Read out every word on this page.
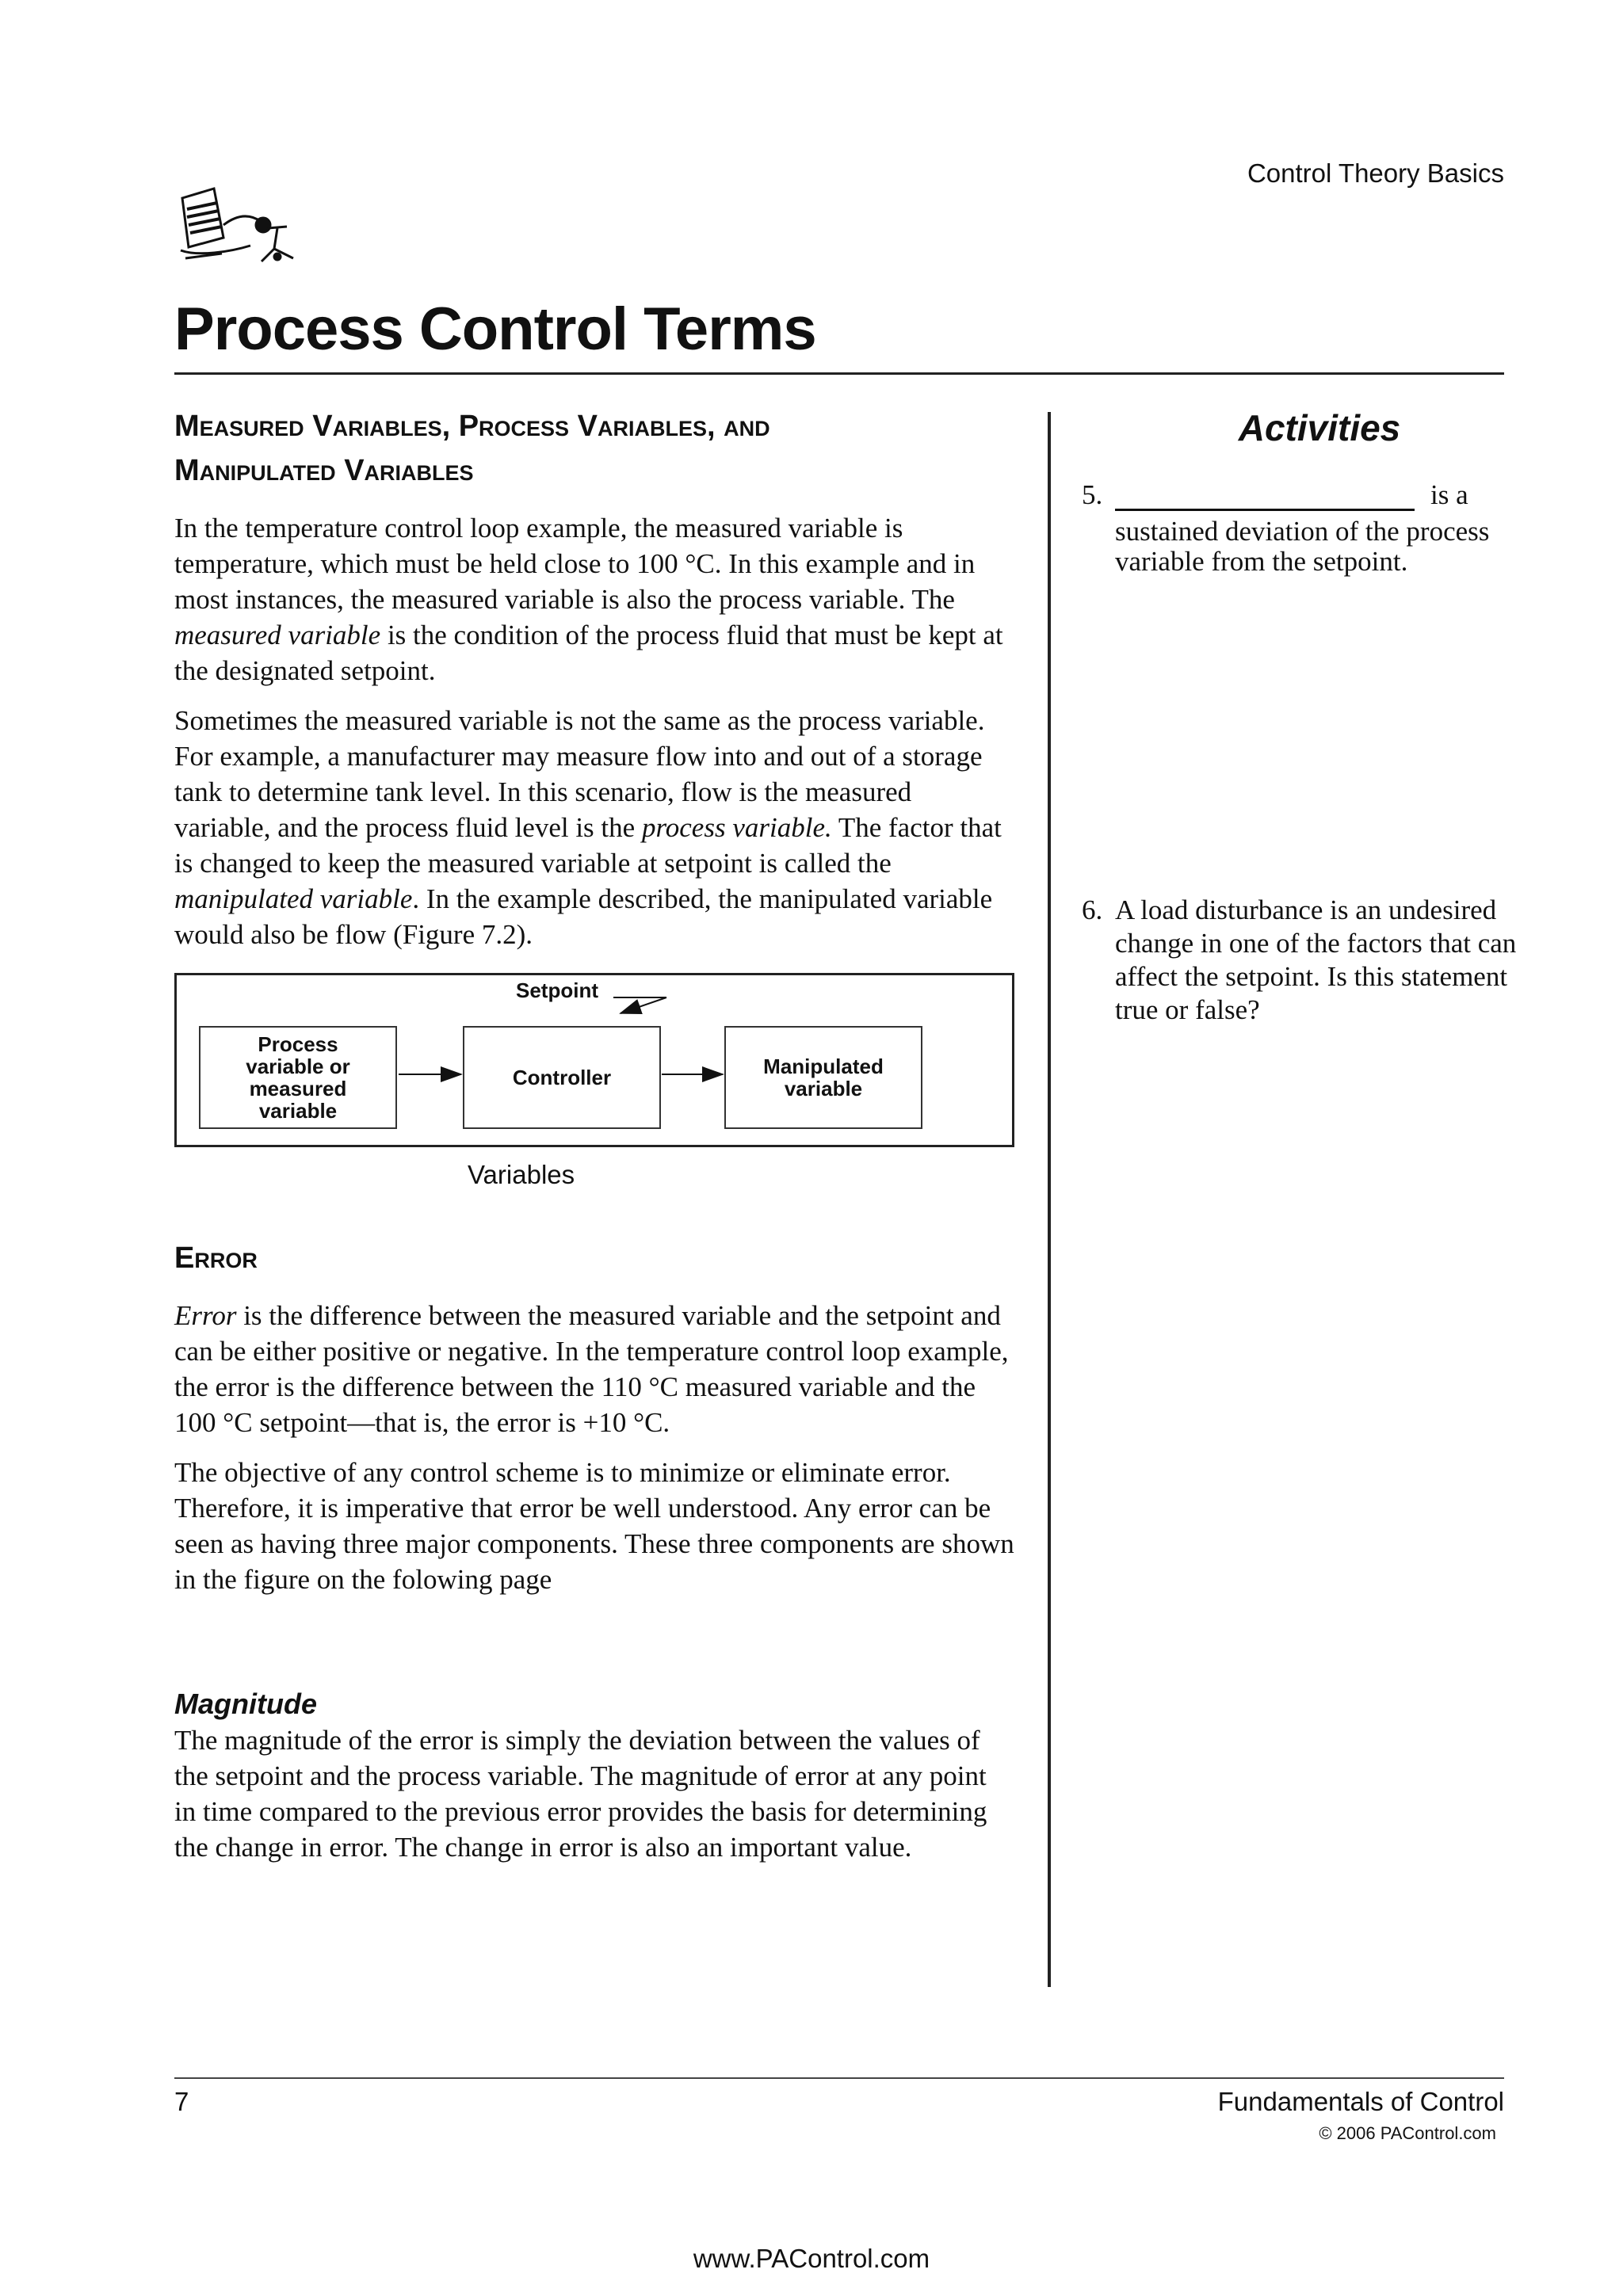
Control Theory Basics
Process Control Terms
Measured Variables, Process Variables, and
Manipulated Variables

In the temperature control loop example, the measured variable is temperature, which must be held close to 100 °C. In this example and in most instances, the measured variable is also the process variable. The measured variable is the condition of the process fluid that must be kept at the designated setpoint.

Sometimes the measured variable is not the same as the process variable. For example, a manufacturer may measure flow into and out of a storage tank to determine tank level. In this scenario, flow is the measured variable, and the process fluid level is the process variable. The factor that is changed to keep the measured variable at setpoint is called the manipulated variable. In the example described, the manipulated variable would also be flow (Figure 7.2).

Setpoint
Process
variable or
measured
variable
Controller	Manipulated
variable
Variables
Error

Error is the difference between the measured variable and the setpoint and can be either positive or negative. In the temperature control loop example, the error is the difference between the 110 °C measured variable and the 100 °C setpoint—that is, the error is +10 °C.

The objective of any control scheme is to minimize or eliminate error. Therefore, it is imperative that error be well understood. Any error can be seen as having three major components. These three components are shown in the figure on the folowing page

Magnitude

The magnitude of the error is simply the deviation between the values of the setpoint and the process variable. The magnitude of error at any point in time compared to the previous error provides the basis for determining the change in error. The change in error is also an important value.

Activities
5.	is a
sustained deviation of the process variable from the setpoint.
6. A load disturbance is an undesired change in one of the factors that can affect the setpoint. Is this statement true or false?
7	Fundamentals of Control
© 2006 PAControl.com
www.PAControl.com
